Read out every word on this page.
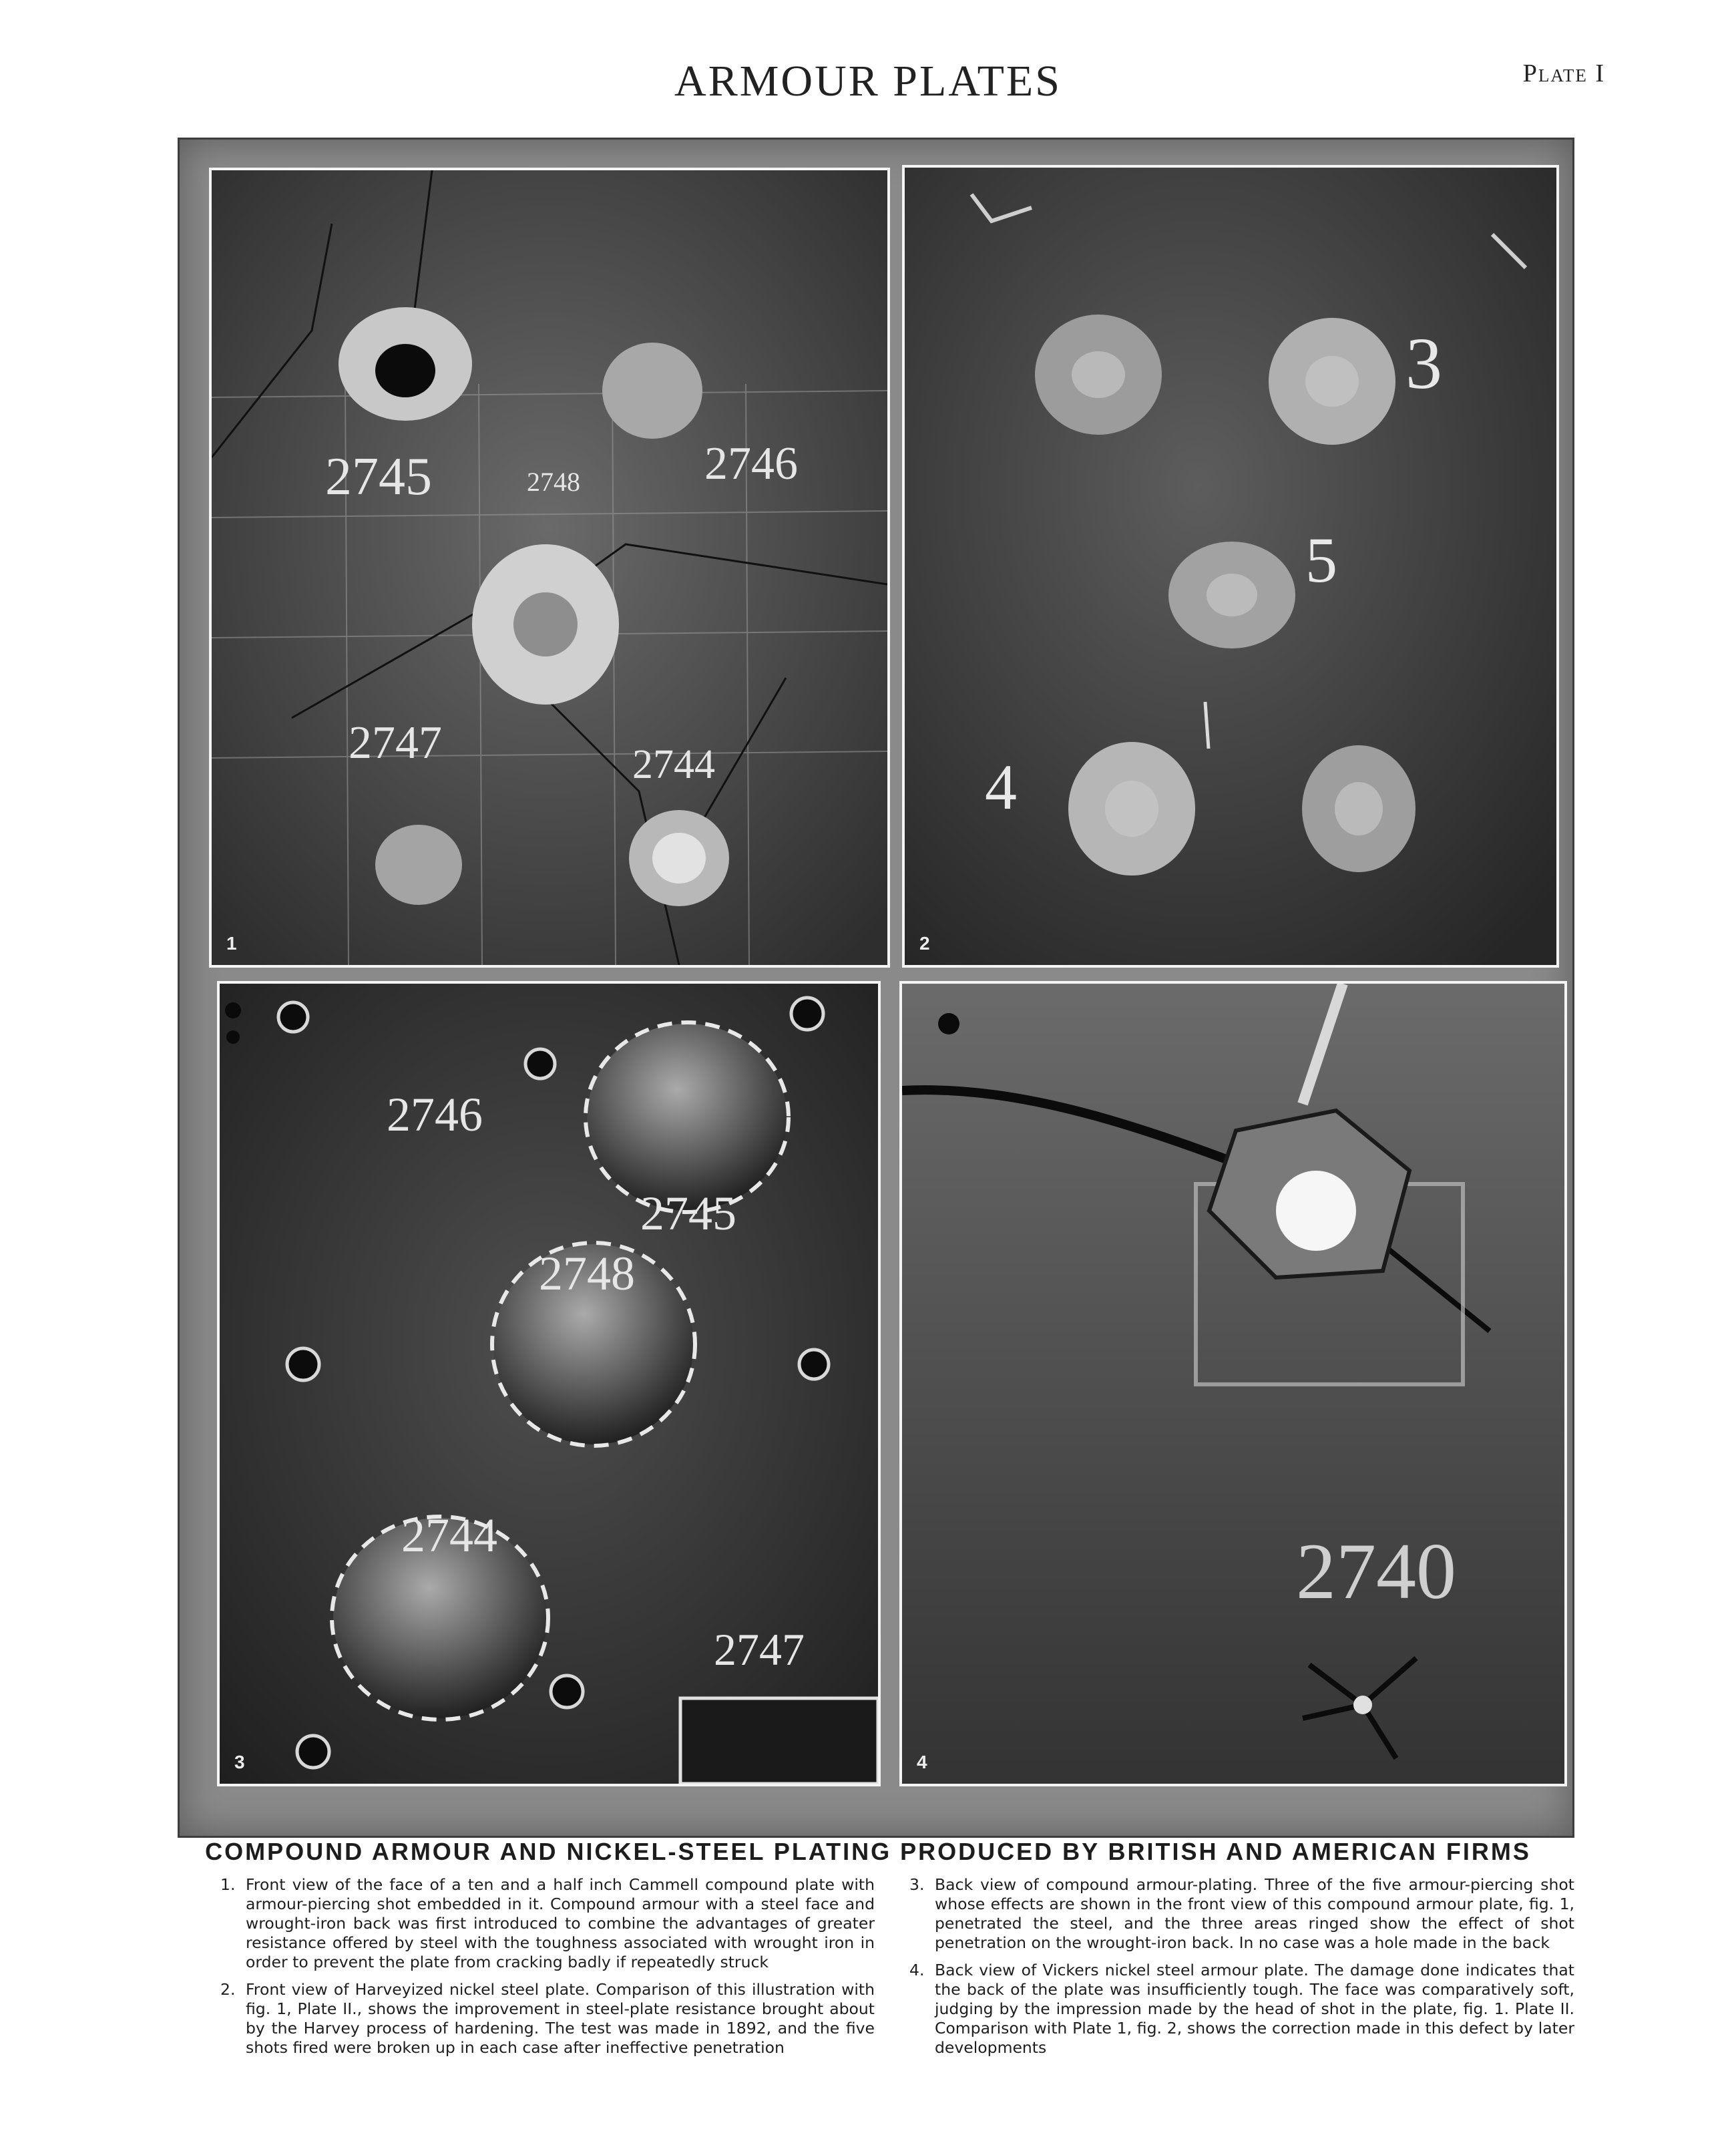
ARMOUR PLATES	Plate I
2745	2748	2746
2747	2744
1
3
5
4
2
2746
2745
2748
2744
2747
3
2740
4
COMPOUND ARMOUR AND NICKEL-STEEL PLATING PRODUCED BY BRITISH AND AMERICAN FIRMS
1. Front view of the face of a ten and a half inch Cammell compound plate with armour-piercing shot embedded in it. Compound armour with a steel face and wrought-iron back was first introduced to combine the advantages of greater resistance offered by steel with the toughness associated with wrought iron in order to prevent the plate from cracking badly if repeatedly struck
2. Front view of Harveyized nickel steel plate. Comparison of this illustration with fig. 1, Plate II., shows the improvement in steel-plate resistance brought about by the Harvey process of hardening. The test was made in 1892, and the five shots fired were broken up in each case after ineffective penetration
3. Back view of compound armour-plating. Three of the five armour-piercing shot whose effects are shown in the front view of this compound armour plate, fig. 1, penetrated the steel, and the three areas ringed show the effect of shot penetration on the wrought-iron back. In no case was a hole made in the back
4. Back view of Vickers nickel steel armour plate. The damage done indicates that the back of the plate was insufficiently tough. The face was comparatively soft, judging by the impression made by the head of shot in the plate, fig. 1. Plate II. Comparison with Plate 1, fig. 2, shows the correction made in this defect by later developments
